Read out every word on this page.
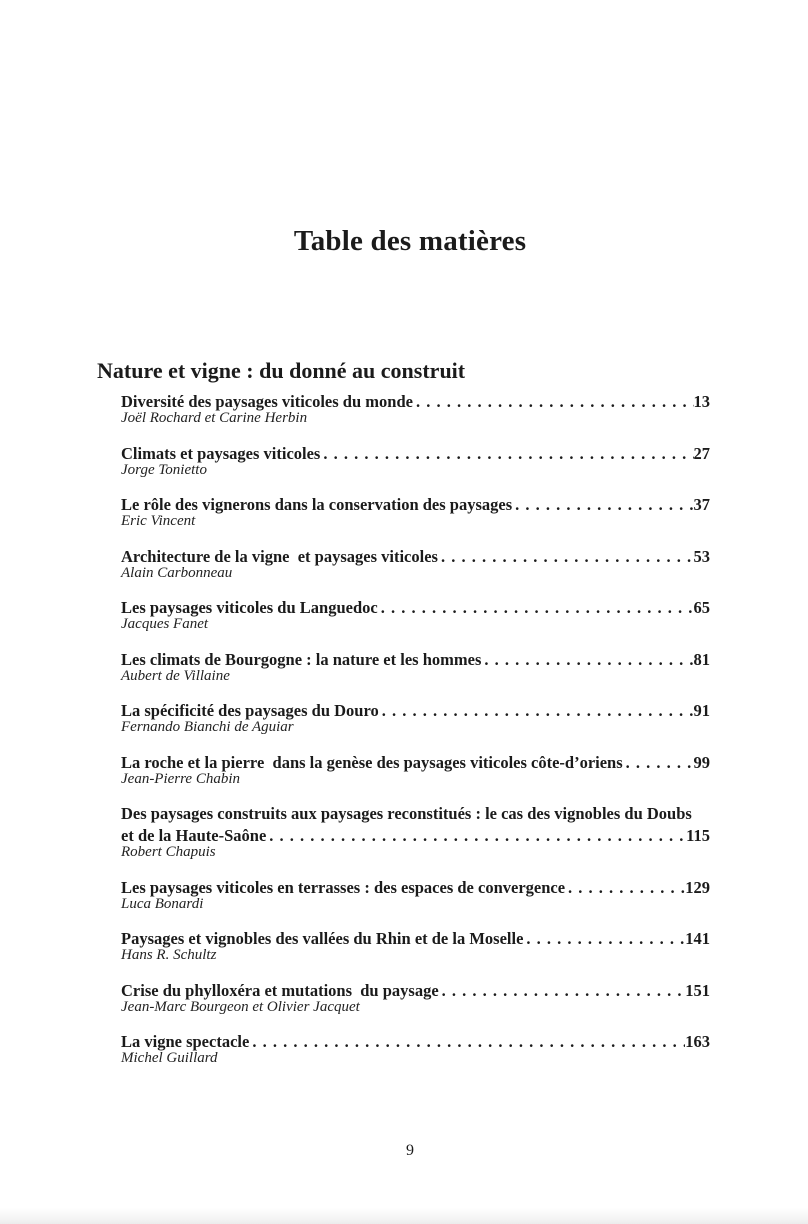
Table des matières
Nature et vigne : du donné au construit
Diversité des paysages viticoles du monde . . .	13
Joël Rochard et Carine Herbin
Climats et paysages viticoles . . .	27
Jorge Tonietto
Le rôle des vignerons dans la conservation des paysages . . .	37
Eric Vincent
Architecture de la vigne  et paysages viticoles . . .	53
Alain Carbonneau
Les paysages viticoles du Languedoc . . .	65
Jacques Fanet
Les climats de Bourgogne : la nature et les hommes . . .	81
Aubert de Villaine
La spécificité des paysages du Douro . . .	91
Fernando Bianchi de Aguiar
La roche et la pierre  dans la genèse des paysages viticoles côte-d’oriens . . .	99
Jean-Pierre Chabin
Des paysages construits aux paysages reconstitués : le cas des vignobles du Doubs
et de la Haute-Saône . . .	115
Robert Chapuis
Les paysages viticoles en terrasses : des espaces de convergence . . .	129
Luca Bonardi
Paysages et vignobles des vallées du Rhin et de la Moselle . . .	141
Hans R. Schultz
Crise du phylloxéra et mutations  du paysage . . .	151
Jean-Marc Bourgeon et Olivier Jacquet
La vigne spectacle . . .	163
Michel Guillard
9
